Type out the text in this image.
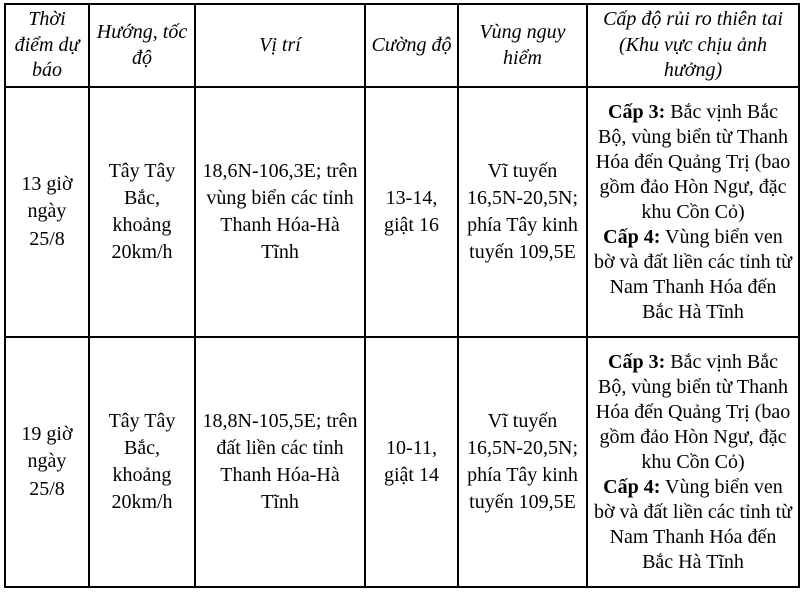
Thời điểm dự báo	Hướng, tốc độ	Vị trí	Cường độ	Vùng nguy hiểm	Cấp độ rủi ro thiên tai (Khu vực chịu ảnh hưởng)
13 giờ ngày 25/8	Tây Tây Bắc, khoảng 20km/h	18,6N-106,3E; trên vùng biển các tỉnh Thanh Hóa-Hà Tĩnh	13-14, giật 16	Vĩ tuyến 16,5N-20,5N; phía Tây kinh tuyến 109,5E	Cấp 3: Bắc vịnh Bắc Bộ, vùng biển từ Thanh Hóa đến Quảng Trị (bao gồm đảo Hòn Ngư, đặc khu Cồn Cỏ)
Cấp 4: Vùng biển ven bờ và đất liền các tỉnh từ Nam Thanh Hóa đến Bắc Hà Tĩnh

19 giờ ngày 25/8	Tây Tây Bắc, khoảng 20km/h	18,8N-105,5E; trên đất liền các tỉnh Thanh Hóa-Hà Tĩnh	10-11, giật 14	Vĩ tuyến 16,5N-20,5N; phía Tây kinh tuyến 109,5E	Cấp 3: Bắc vịnh Bắc Bộ, vùng biển từ Thanh Hóa đến Quảng Trị (bao gồm đảo Hòn Ngư, đặc khu Cồn Cỏ)
Cấp 4: Vùng biển ven bờ và đất liền các tỉnh từ Nam Thanh Hóa đến Bắc Hà Tĩnh
